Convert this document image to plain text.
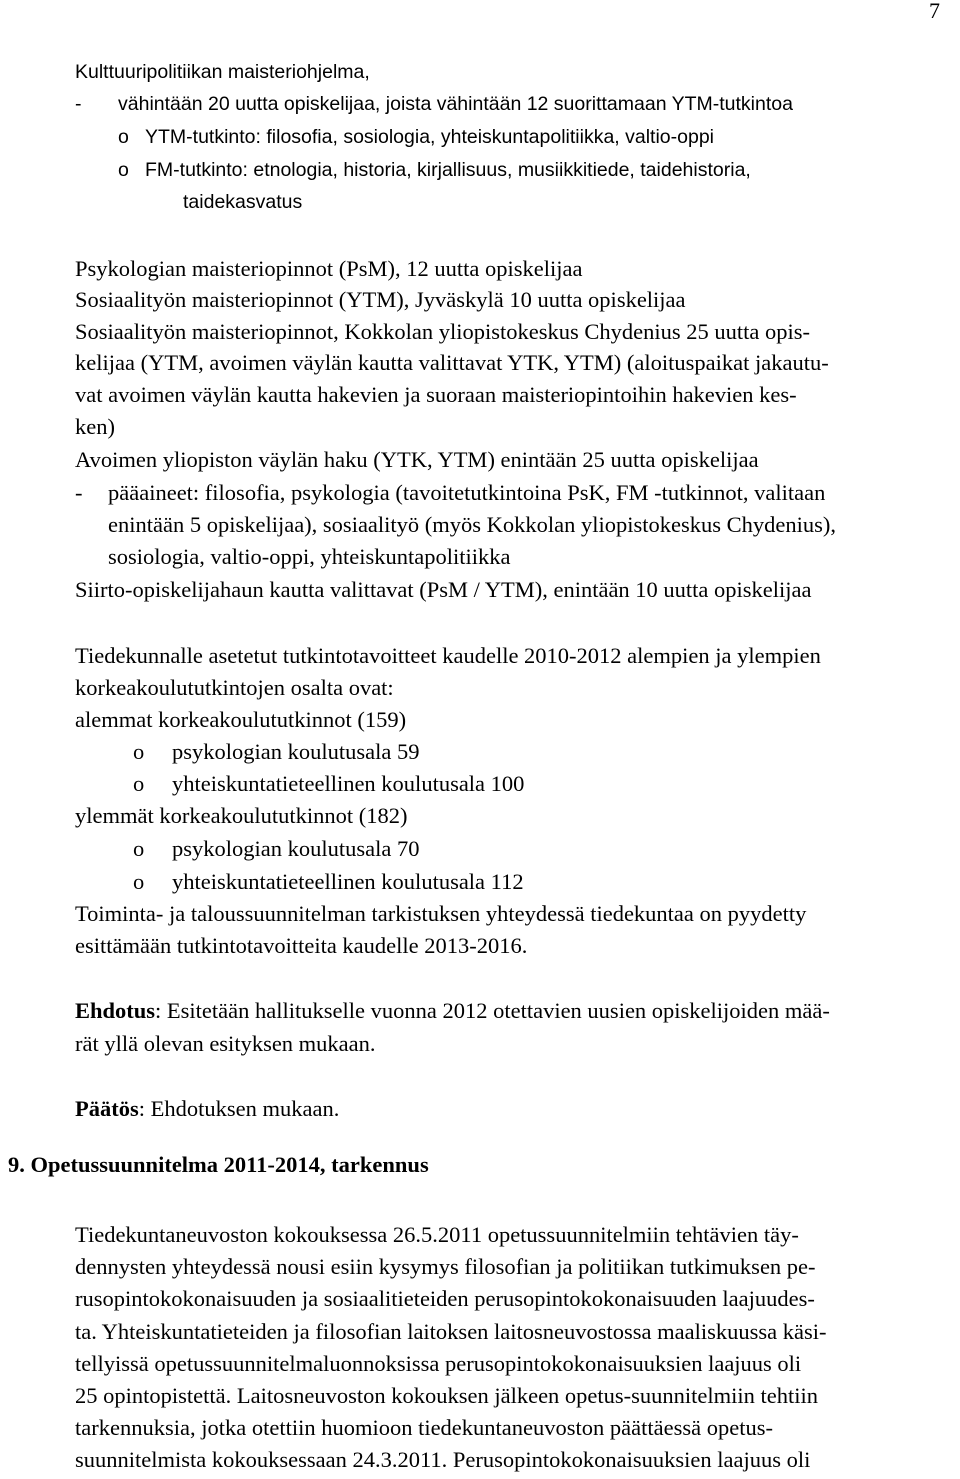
7
Kulttuuripolitiikan maisteriohjelma,
- vähintään 20 uutta opiskelijaa, joista vähintään 12 suorittamaan YTM-tutkintoa
o YTM-tutkinto: filosofia, sosiologia, yhteiskuntapolitiikka, valtio-oppi
o FM-tutkinto: etnologia, historia, kirjallisuus, musiikkitiede, taidehistoria,
taidekasvatus
Psykologian maisteriopinnot (PsM), 12 uutta opiskelijaa
Sosiaalityön maisteriopinnot (YTM), Jyväskylä 10 uutta opiskelijaa
Sosiaalityön maisteriopinnot, Kokkolan yliopistokeskus Chydenius 25 uutta opis-
kelijaa (YTM, avoimen väylän kautta valittavat YTK, YTM) (aloituspaikat jakautu-
vat avoimen väylän kautta hakevien ja suoraan maisteriopintoihin hakevien kes-
ken)
Avoimen yliopiston väylän haku (YTK, YTM) enintään 25 uutta opiskelijaa
- pääaineet: filosofia, psykologia (tavoitetutkintoina PsK, FM -tutkinnot, valitaan
enintään 5 opiskelijaa), sosiaalityö (myös Kokkolan yliopistokeskus Chydenius),
sosiologia, valtio-oppi, yhteiskuntapolitiikka
Siirto-opiskelijahaun kautta valittavat (PsM / YTM), enintään 10 uutta opiskelijaa
Tiedekunnalle asetetut tutkintotavoitteet kaudelle 2010-2012 alempien ja ylempien
korkeakoulututkintojen osalta ovat:
alemmat korkeakoulututkinnot (159)
o psykologian koulutusala 59
o yhteiskuntatieteellinen koulutusala 100
ylemmät korkeakoulututkinnot (182)
o psykologian koulutusala 70
o yhteiskuntatieteellinen koulutusala 112
Toiminta- ja taloussuunnitelman tarkistuksen yhteydessä tiedekuntaa on pyydetty
esittämään tutkintotavoitteita kaudelle 2013-2016.
Ehdotus: Esitetään hallitukselle vuonna 2012 otettavien uusien opiskelijoiden mää-
rät yllä olevan esityksen mukaan.
Päätös: Ehdotuksen mukaan.
9. Opetussuunnitelma 2011-2014, tarkennus
Tiedekuntaneuvoston kokouksessa 26.5.2011 opetussuunnitelmiin tehtävien täy-
dennysten yhteydessä nousi esiin kysymys filosofian ja politiikan tutkimuksen pe-
rusopintokokonaisuuden ja sosiaalitieteiden perusopintokokonaisuuden laajuudes-
ta. Yhteiskuntatieteiden ja filosofian laitoksen laitosneuvostossa maaliskuussa käsi-
tellyissä opetussuunnitelmaluonnoksissa perusopintokokonaisuuksien laajuus oli
25 opintopistettä. Laitosneuvoston kokouksen jälkeen opetus-suunnitelmiin tehtiin
tarkennuksia, jotka otettiin huomioon tiedekuntaneuvoston päättäessä opetus-
suunnitelmista kokouksessaan 24.3.2011. Perusopintokokonaisuuksien laajuus oli
